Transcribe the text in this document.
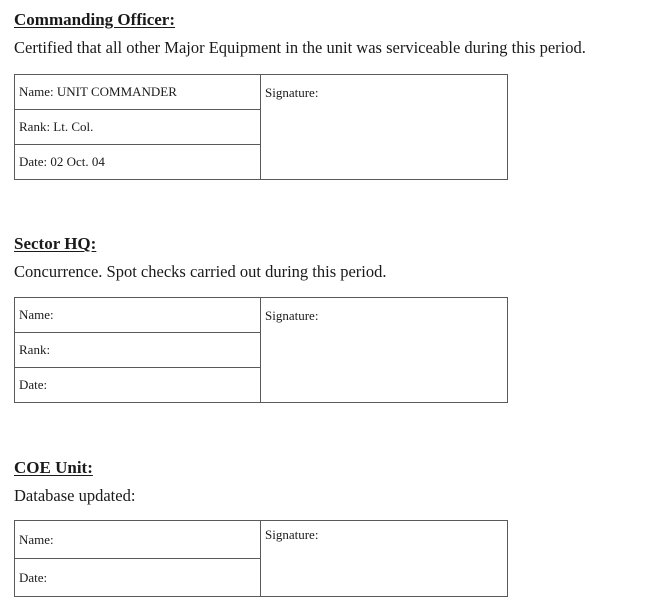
Commanding Officer:
Certified that all other Major Equipment in the unit was serviceable during this period.
Name: UNIT COMMANDER	Signature:
Rank: Lt. Col.
Date: 02 Oct. 04
Sector HQ:
Concurrence. Spot checks carried out during this period.
Name:	Signature:
Rank:
Date:
COE Unit:
Database updated:
Name:	Signature:
Date:
